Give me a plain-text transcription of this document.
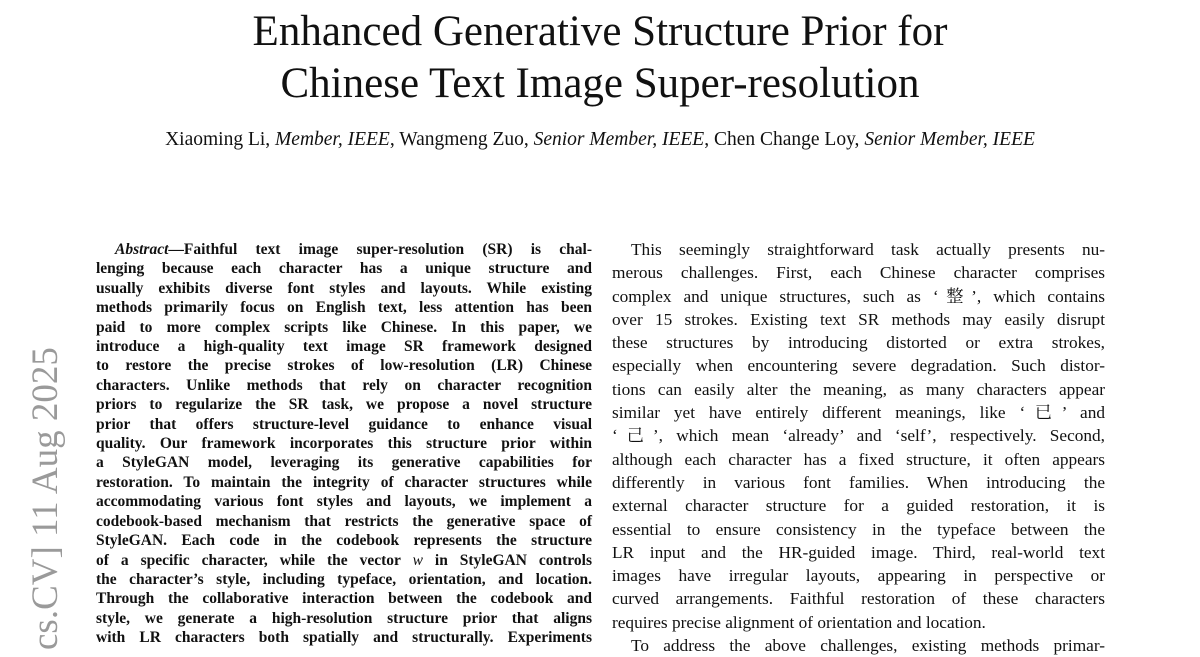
Enhanced Generative Structure Prior for
Chinese Text Image Super-resolution
Xiaoming Li, Member, IEEE, Wangmeng Zuo, Senior Member, IEEE, Chen Change Loy, Senior Member, IEEE
cs.CV] 11 Aug 2025
Abstract—Faithful text image super-resolution (SR) is chal-
lenging because each character has a unique structure and
usually exhibits diverse font styles and layouts. While existing
methods primarily focus on English text, less attention has been
paid to more complex scripts like Chinese. In this paper, we
introduce a high-quality text image SR framework designed
to restore the precise strokes of low-resolution (LR) Chinese
characters. Unlike methods that rely on character recognition
priors to regularize the SR task, we propose a novel structure
prior that offers structure-level guidance to enhance visual
quality. Our framework incorporates this structure prior within
a StyleGAN model, leveraging its generative capabilities for
restoration. To maintain the integrity of character structures while
accommodating various font styles and layouts, we implement a
codebook-based mechanism that restricts the generative space of
StyleGAN. Each code in the codebook represents the structure
of a specific character, while the vector w in StyleGAN controls
the character’s style, including typeface, orientation, and location.
Through the collaborative interaction between the codebook and
style, we generate a high-resolution structure prior that aligns
with LR characters both spatially and structurally. Experiments
This seemingly straightforward task actually presents nu-
merous challenges. First, each Chinese character comprises
complex and unique structures, such as ‘整’, which contains
over 15 strokes. Existing text SR methods may easily disrupt
these structures by introducing distorted or extra strokes,
especially when encountering severe degradation. Such distor-
tions can easily alter the meaning, as many characters appear
similar yet have entirely different meanings, like ‘已’ and
‘己’, which mean ‘already’ and ‘self’, respectively. Second,
although each character has a fixed structure, it often appears
differently in various font families. When introducing the
external character structure for a guided restoration, it is
essential to ensure consistency in the typeface between the
LR input and the HR-guided image. Third, real-world text
images have irregular layouts, appearing in perspective or
curved arrangements. Faithful restoration of these characters
requires precise alignment of orientation and location.
To address the above challenges, existing methods primar-
